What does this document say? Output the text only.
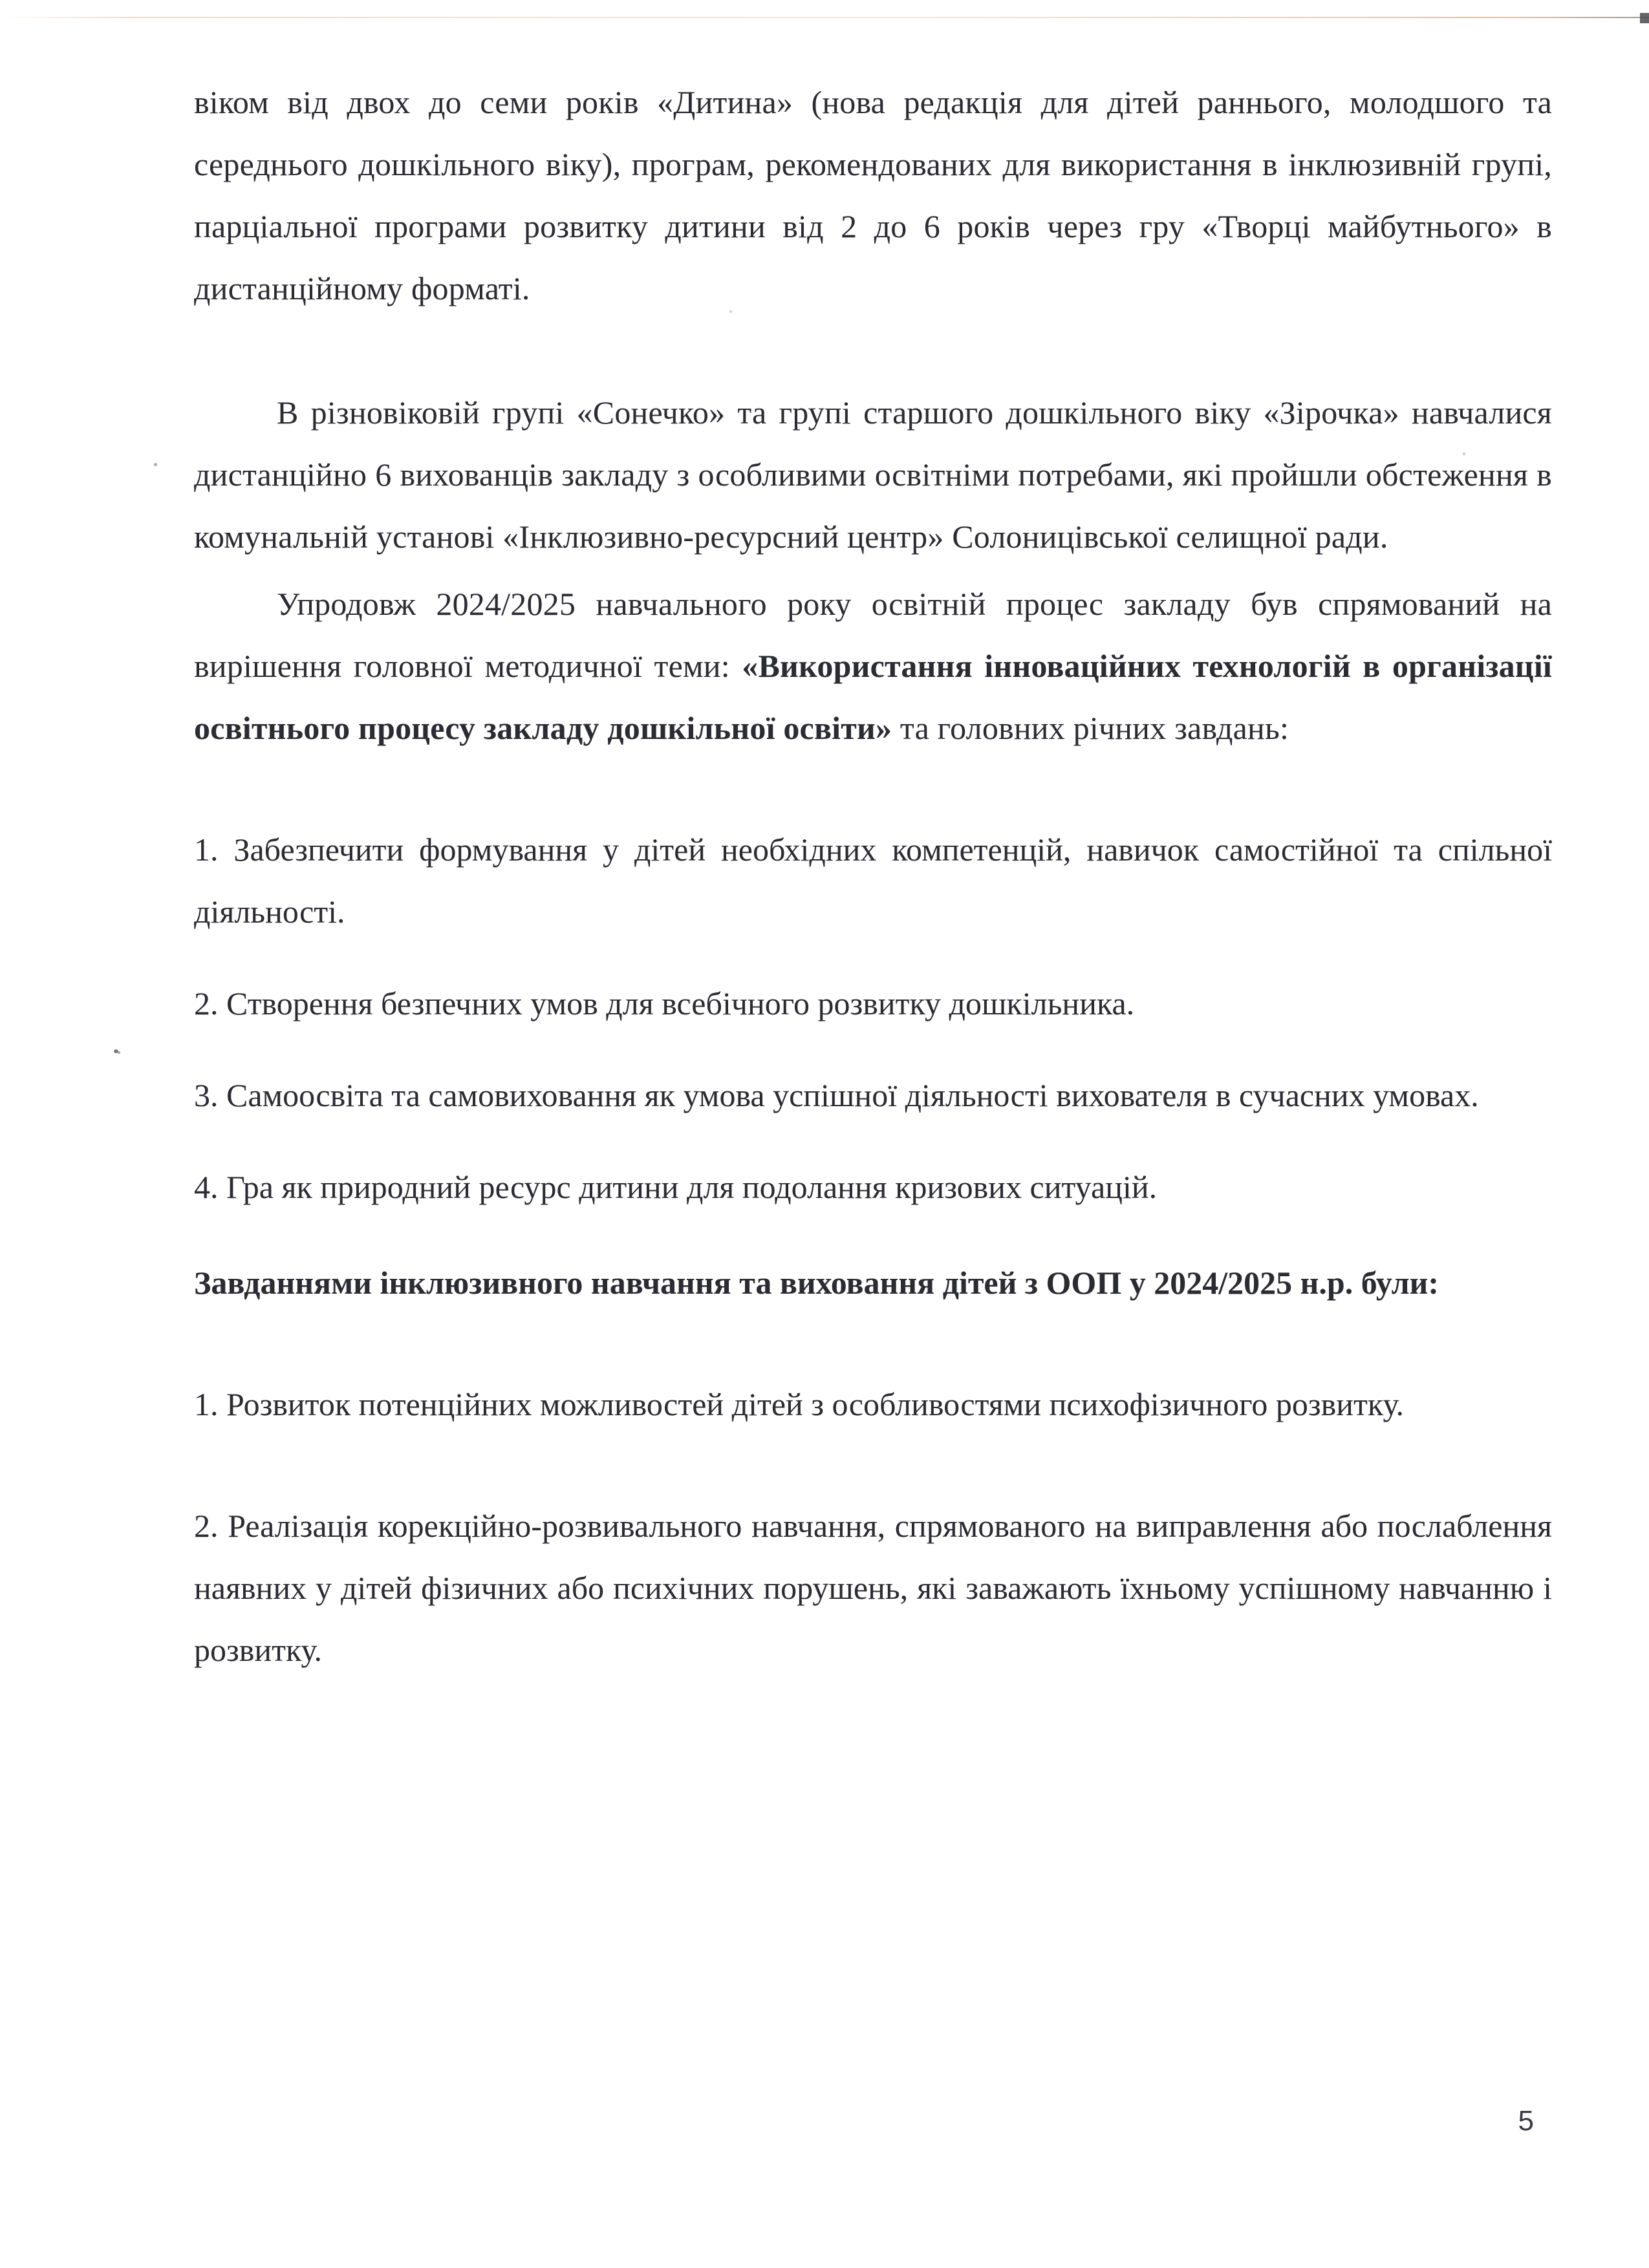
віком від двох до семи років «Дитина» (нова редакція для дітей раннього, молодшого та середнього дошкільного віку), програм, рекомендованих для використання в інклюзивній групі, парціальної програми розвитку дитини від 2 до 6 років через гру «Творці майбутнього» в дистанційному форматі.

В різновіковій групі «Сонечко» та групі старшого дошкільного віку «Зірочка» навчалися дистанційно 6 вихованців закладу з особливими освітніми потребами, які пройшли обстеження в комунальній установі «Інклюзивно-ресурсний центр» Солоницівської селищної ради.

Упродовж 2024/2025 навчального року освітній процес закладу був спрямований на вирішення головної методичної теми: «Використання інноваційних технологій в організації освітнього процесу закладу дошкільної освіти» та головних річних завдань:

1. Забезпечити формування у дітей необхідних компетенцій, навичок самостійної та спільної діяльності.

2. Створення безпечних умов для всебічного розвитку дошкільника.

3. Самоосвіта та самовиховання як умова успішної діяльності вихователя в сучасних умовах.

4. Гра як природний ресурс дитини для подолання кризових ситуацій.

Завданнями інклюзивного навчання та виховання дітей з ООП у 2024/2025 н.р. були:

1. Розвиток потенційних можливостей дітей з особливостями психофізичного розвитку.

2. Реалізація корекційно-розвивального навчання, спрямованого на виправлення або послаблення наявних у дітей фізичних або психічних порушень, які заважають їхньому успішному навчанню і розвитку.

5
